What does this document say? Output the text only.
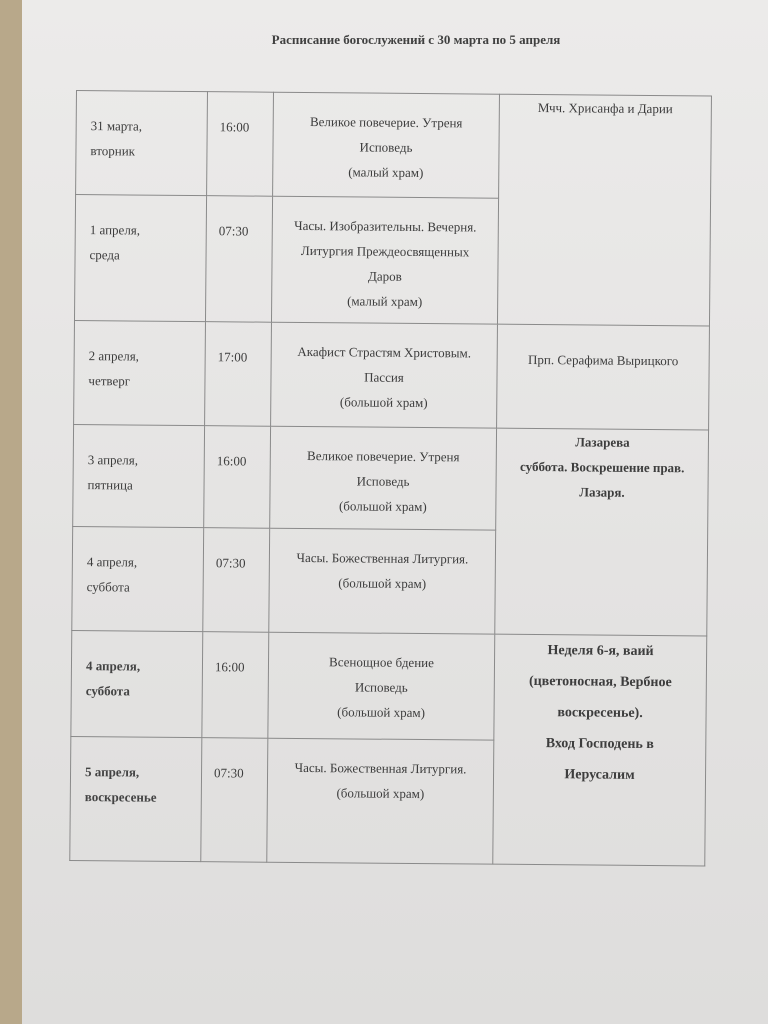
Расписание богослужений с 30 марта по 5 апреля
31 марта,
вторник	16:00	Великое повечерие. Утреня
Исповедь
(малый храм)	Мчч. Хрисанфа и Дарии

1 апреля,
среда	07:30	Часы. Изобразительны. Вечерня.
Литургия Преждеосвященных
Даров
(малый храм)	

2 апреля,
четверг	17:00	Акафист Страстям Христовым.
Пассия
(большой храм)	Прп. Серафима Вырицкого

3 апреля,
пятница	16:00	Великое повечерие. Утреня
Исповедь
(большой храм)	Лазарева
суббота. Воскрешение прав.
Лазаря.

4 апреля,
суббота	07:30	Часы. Божественная Литургия.
(большой храм)	

4 апреля,
суббота	16:00	Всенощное бдение
Исповедь
(большой храм)	Неделя 6-я, ваий
(цветоносная, Вербное
воскресенье).
Вход Господень в
Иерусалим

5 апреля,
воскресенье	07:30	Часы. Божественная Литургия.
(большой храм)	
